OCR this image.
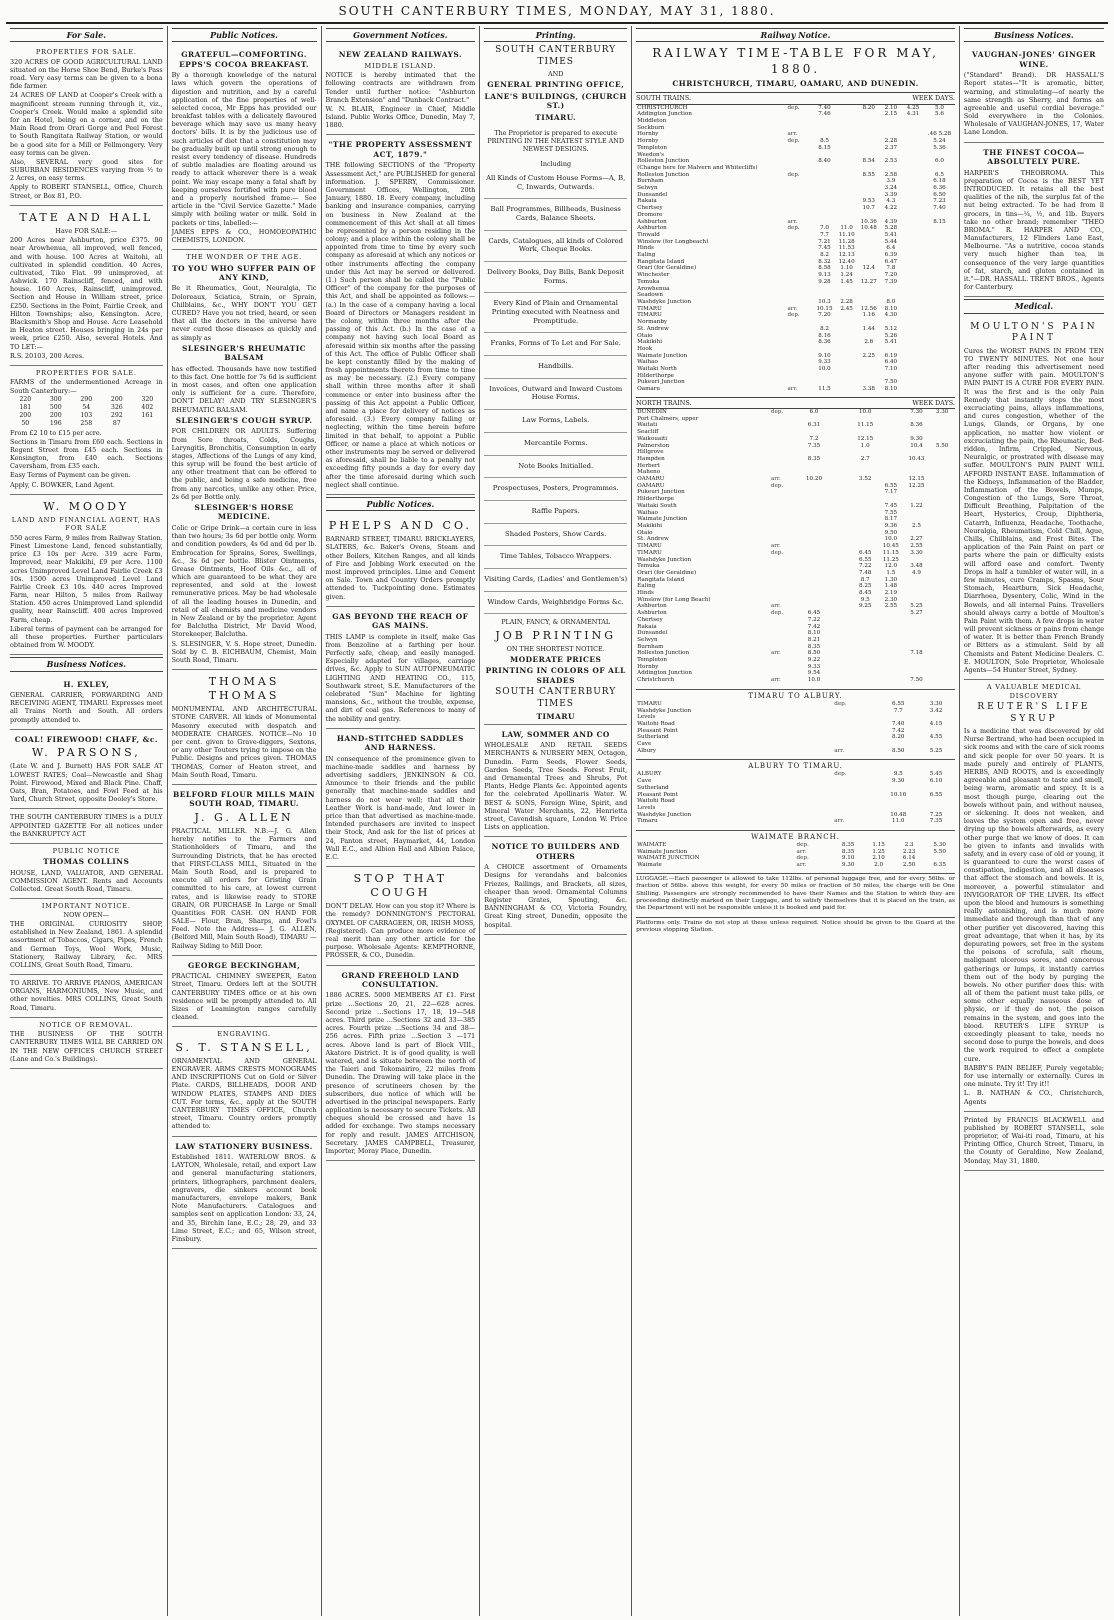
SOUTH CANTERBURY TIMES, MONDAY, MAY 31, 1880.
For Sale.
PROPERTIES FOR SALE.

320 ACRES OF GOOD AGRICULTURAL LAND situated on the Horse Shoe Bend, Burke's Pass road. Very easy terms can be given to a bona fide farmer.

24 ACRES OF LAND at Cooper's Creek with a magnificent stream running through it, viz., Cooper's Creek. Would make a splendid site for an Hotel, being on a corner, and on the Main Road from Orari Gorge and Peel Forest to South Rangitata Railway Station, or would be a good site for a Mill or Fellmongery. Very easy terms can be given.

Also, SEVERAL very good sites for SUBURBAN RESIDENCES varying from ½ to 2 Acres, on easy terms.

Apply to ROBERT STANSELL, Office, Church Street, or Box 81, P.O.

TATE AND HALL
Have FOR SALE:—

200 Acres near Ashburton, price £375. 90 near Arowhenua, all improved, well fenced, and with house. 100 Acres at Waitohi, all cultivated in splendid condition. 40 Acres, cultivated, Tiko Flat. 99 unimproved, at Ashwick. 170 Rainscliff, fenced, and with house. 160 Acres, Rainscliff, unimproved. Section and House in William street, price £250. Sections in the Point, Fairlie Creek, and Hilton Townships; also, Kensington. Acre, Blacksmith's Shop and House. Acre Leasehold in Heaton street. Houses bringing in 24s per week, price £250. Also, several Hotels. And TO LET:—

R.S. 20103, 200 Acres.

PROPERTIES FOR SALE.

FARMS of the undermentioned Acreage in South Canterbury:—

220	300	290	200	320
181	500	54	326	402
200	200	103	292	161
50	196	258	87	

From £2 10 to £15 per acre.

Sections in Timaru from £60 each. Sections in Regent Street from £45 each. Sections in Kensington, from £40 each. Sections Caversham, from £35 each.

Easy Terms of Payment can be given.

Apply, C. BOWKER, Land Agent.

W. MOODY
LAND AND FINANCIAL AGENT, HAS FOR SALE

550 acres Farm, 9 miles from Railway Station. Finest Limestone Land, fenced substantially, price £3 10s per Acre. 319 acre Farm, Improved, near Makikihi, £9 per Acre. 1100 acres Unimproved Level Land Fairlie Creek £3 10s. 1500 acres Unimproved Level Land Fairlie Creek £3 10s. 440 acres Improved Farm, near Hilton, 5 miles from Railway Station. 450 acres Unimproved Land splendid quality, near Rainscliff. 400 acres Improved Farm, cheap.

Liberal terms of payment can be arranged for all these properties. Further particulars obtained from W. MOODY.

Business Notices.
H. EXLEY,

GENERAL CARRIER, FORWARDING AND RECEIVING AGENT, TIMARU. Expresses meet all Trains North and South. All orders promptly attended to.

COAL! FIREWOOD! CHAFF, &c.
W. PARSONS,

(Late W. and J. Burnett) HAS FOR SALE AT LOWEST RATES; Coal—Newcastle and Shag Point. Firewood, Mixed and Black Pine. Chaff, Oats, Bran, Potatoes, and Fowl Feed at his Yard, Church Street, opposite Dooley's Store.

THE SOUTH CANTERBURY TIMES is a DULY APPOINTED GAZETTE For all notices under the BANKRUPTCY ACT

PUBLIC NOTICE
THOMAS COLLINS

HOUSE, LAND, VALUATOR, AND GENERAL COMMISSION AGENT. Rents and Accounts Collected. Great South Road, Timaru.

IMPORTANT NOTICE.
NOW OPEN—

THE ORIGINAL CURIOSITY SHOP, established in New Zealand, 1861. A splendid assortment of Tobaccos, Cigars, Pipes, French and German Toys, Wool Work, Music, Stationery, Railway Library, &c. MRS COLLINS, Great South Road, Timaru.

TO ARRIVE. TO ARRIVE PIANOS, AMERICAN ORGANS, HARMONIUMS, New Music, and other novelties. MRS COLLINS, Great South Road, Timaru.

NOTICE OF REMOVAL.

THE BUSINESS OF THE SOUTH CANTERBURY TIMES WILL BE CARRIED ON IN THE NEW OFFICES CHURCH STREET (Lane and Co.'s Buildings).

Public Notices.
GRATEFUL—COMFORTING. EPPS'S COCOA BREAKFAST.

By a thorough knowledge of the natural laws which govern the operations of digestion and nutrition, and by a careful application of the fine properties of well-selected cocoa, Mr Epps has provided our breakfast tables with a delicately flavoured beverage which may save us many heavy doctors' bills. It is by the judicious use of such articles of diet that a constitution may be gradually built up until strong enough to resist every tendency of disease. Hundreds of subtle maladies are floating around us ready to attack wherever there is a weak point. We may escape many a fatal shaft by keeping ourselves fortified with pure blood and a properly nourished frame.— See article in the "Civil Service Gazette." Made simply with boiling water or milk. Sold in packets or tins, labelled:—

JAMES EPPS & CO., HOMOEOPATHIC CHEMISTS, LONDON.

THE WONDER OF THE AGE.
TO YOU WHO SUFFER PAIN OF ANY KIND,

Be it Rheumatics, Gout, Neuralgia, Tic Doloreaux, Sciatica, Strain, or Sprain, Chilblains, &c., WHY DON'T YOU GET CURED? Have you not tried, heard, or seen that all the doctors in the universe have never cured those diseases as quickly and as simply as

SLESINGER'S RHEUMATIC BALSAM

has effected. Thousands have now testified to this fact. One bottle for 7s 6d is sufficient in most cases, and often one application only is sufficient for a cure. Therefore, DON'T DELAY! AND TRY SLESINGER'S RHEUMATIC BALSAM.

SLESINGER'S COUGH SYRUP.

FOR CHILDREN OR ADULTS. Suffering from Sore throats, Colds, Coughs, Laryngitis, Bronchitis, Consumption in early stages, Affections of the Lungs of any kind, this syrup will be found the best article of any other treatment that can be offered to the public, and being a safe medicine, free from any narcotics, unlike any other. Price, 2s 6d per Bottle only.

SLESINGER'S HORSE MEDICINE.

Colic or Gripe Drink—a certain cure in less than two hours; 3s 6d per bottle only. Worm and condition powders, 4s 6d and 6d per lb. Embrocation for Sprains, Sores, Swellings, &c., 3s 6d per bottle. Blister Ointments, Grease Ointments, Hoof Oils &c., all of which are guaranteed to be what they are represented, and sold at the lowest remunerative prices. May be had wholesale of all the leading houses in Dunedin, and retail of all chemists and medicine vendors in New Zealand or by the proprietor. Agent for Balclutha District, Mr David Wood, Storekeeper, Balclutha.

S. SLESINGER, V. S. Hope street, Dunedin. Sold by C. B. EICHBAUM, Chemist, Main South Road, Timaru.

THOMAS THOMAS

MONUMENTAL AND ARCHITECTURAL STONE CARVER. All kinds of Monumental Masonry executed with despatch and MODERATE CHARGES. NOTICE—No 10 per cent. given to Grave-diggers, Sextons, or any other Touters trying to impose on the Public. Designs and prices given. THOMAS THOMAS, Corner of Heaton street, and Main South Road, Timaru.

BELFORD FLOUR MILLS MAIN SOUTH ROAD, TIMARU.
J. G. ALLEN

PRACTICAL MILLER. N.B.—J. G. Allen hereby notifies to the Farmers and Stationholders of Timaru, and the Surrounding Districts, that he has erected that FIRST-CLASS MILL, Situated in the Main South Road, and is prepared to execute all orders for Gristing Grain committed to his care, at lowest current rates, and is likewise ready to STORE GRAIN, OR PURCHASE In Large or Small Quantities FOR CASH. ON HAND FOR SALE— Flour, Bran, Sharps, and Fowl's Feed. Note the Address— J. G. ALLEN, (Belford Mill, Main South Road), TIMARU — Railway Siding to Mill Door.

GEORGE BECKINGHAM,

PRACTICAL CHIMNEY SWEEPER, Eaton Street, Timaru. Orders left at the SOUTH CANTERBURY TIMES office or at his own residence will be promptly attended to. All Sizes of Leamington ranges carefully cleaned.

ENGRAVING.
S. T. STANSELL,

ORNAMENTAL AND GENERAL ENGRAVER. ARMS CRESTS MONOGRAMS AND INSCRIPTIONS Cut on Gold or Silver Plate. CARDS, BILLHEADS, DOOR AND WINDOW PLATES, STAMPS AND DIES CUT. For terms, &c., apply at the SOUTH CANTERBURY TIMES OFFICE, Church street, Timaru. Country orders promptly attended to.

LAW STATIONERY BUSINESS.

Established 1811. WATERLOW BROS. & LAYTON, Wholesale, retail, and export Law and general manufacturing stationers, printers, lithographers, parchment dealers, engravers, die sinkers account book manufacturers, envelope makers, Bank Note Manufacturers. Catalogues and samples sent on application London: 33, 24, and 35, Birchin lane, E.C.; 28, 29, and 33 Lime Street, E.C.; and 65, Wilson street, Finsbury.

Government Notices.
NEW ZEALAND RAILWAYS.
MIDDLE ISLAND.

NOTICE is hereby intimated that the following contracts are withdrawn from Tender until further notice: "Ashburton Branch Extension" and "Dunback Contract."

W. N. BLAIR, Engineer in Chief, Middle Island. Public Works Office, Dunedin, May 7, 1880.

"THE PROPERTY ASSESSMENT ACT, 1879."

THE following SECTIONS of the "Property Assessment Act," are PUBLISHED for general information. J. SPERRY, Commissioner. Government Offices, Wellington, 20th January, 1880. 18. Every company, including banking and insurance companies, carrying on business in New Zealand at the commencement of this Act shall at all times be represented by a person residing in the colony; and a place within the colony shall be appointed from time to time by every such company as aforesaid at which any notices or other instruments affecting the company under this Act may be served or delivered. (1.) Such person shall be called the "Public Officer" of the company for the purposes of this Act, and shall be appointed as follows:— (a.) In the case of a company having a local Board of Directors or Managers resident in the colony, within three months after the passing of this Act. (b.) In the case of a company not having such local Board as aforesaid within six months after the passing of this Act. The office of Public Officer shall be kept constantly filled by the making of fresh appointments thereto from time to time as may be necessary. (2.) Every company shall within three months after it shall commence or enter into business after the passing of this Act appoint a Public Officer, and name a place for delivery of notices as aforesaid. (3.) Every company failing or neglecting, within the time herein before limited in that behalf, to appoint a Public Officer, or name a place at which notices or other instruments may be served or delivered as aforesaid, shall be liable to a penalty not exceeding fifty pounds a day for every day after the time aforesaid during which such neglect shall continue.

Public Notices.
PHELPS AND CO.

BARNARD STREET, TIMARU. BRICKLAYERS, SLATERS, &c. Baker's Ovens, Steam and other Boilers, Kitchen Ranges, and all kinds of Fire and Jobbing Work executed on the most improved principles. Lime and Cement on Sale. Town and Country Orders promptly attended to. Tuckpointing done. Estimates given.

GAS BEYOND THE REACH OF GAS MAINS.

THIS LAMP is complete in itself, make Gas from Benzoline at a farthing per hour. Perfectly safe, cheap, and easily managed. Especially adapted for villages, carriage drives, &c. Apply to SUN AUTOPNEUMATIC LIGHTING AND HEATING CO., 115, Southwark street, S.E. Manufacturers of the celebrated "Sun" Machine for lighting mansions, &c., without the trouble, expense, and dirt of coal gas. References to many of the nobility and gentry.

HAND-STITCHED SADDLES AND HARNESS.

IN consequence of the prominence given to machine-made saddles and harness by advertising saddlers, JENKINSON & CO. Announce to their friends and the public generally that machine-made saddles and harness do not wear well; that all their Leather Work is hand-made, And lower in price than that advertised as machine-made. Intended purchasers are invited to inspect their Stock, And ask for the list of prices at 24, Panton street, Haymarket, 44, London Wall E.C., and Albion Hall and Albion Palace, E.C.

STOP THAT COUGH

DON'T DELAY. How can you stop it? Where is the remedy? DONNINGTON'S PECTORAL OXYMEL OF CARRAGEEN, OR, IRISH MOSS, (Registered). Can produce more evidence of real merit than any other article for the purpose. Wholesale Agents: KEMPTHORNE, PROSSER, & CO., Dunedin.

GRAND FREEHOLD LAND CONSULTATION.

1886 ACRES. 5000 MEMBERS AT £1. First prize ...Sections 20, 21, 22—628 acres. Second prize ...Sections 17, 18, 19—548 acres. Third prize ...Sections 32 and 33—385 acres. Fourth prize ...Sections 34 and 38—256 acres. Fifth prize ...Section 3 —171 acres. Above land is part of Block VIII., Akatore District. It is of good quality, is well watered, and is situate between the north of the Taieri and Tokomairiro, 22 miles from Dunedin. The Drawing will take place in the presence of scrutineers chosen by the subscribers, due notice of which will be advertised in the principal newspapers. Early application is necessary to secure Tickets. All cheques should be crossed and have 1s added for exchange. Two stamps necessary for reply and result. JAMES AITCHISON, Secretary. JAMES CAMPBELL, Treasurer, Importer, Moray Place, Dunedin.

Printing.
SOUTH CANTERBURY TIMES
AND
GENERAL PRINTING OFFICE,
LANE'S BUILDINGS, (CHURCH ST.)
TIMARU.

The Proprietor is prepared to execute PRINTING IN THE NEATEST STYLE AND NEWEST DESIGNS.

Including
All Kinds of Custom House Forms—A, B, C, Inwards, Outwards.
Ball Programmes, Billheads, Business Cards, Balance Sheets.
Cards, Catalogues, all kinds of Colored Work, Cheque Books.
Delivery Books, Day Bills, Bank Deposit Forms.
Every Kind of Plain and Ornamental Printing executed with Neatness and Promptitude.
Franks, Forms of To Let and For Sale.
Handbills.
Invoices, Outward and Inward Custom House Forms.
Law Forms, Labels.
Mercantile Forms.
Note Books Initialled.
Prospectuses, Posters, Programmes.
Raffle Papers.
Shaded Posters, Show Cards.
Time Tables, Tobacco Wrappers.
Visiting Cards, (Ladies' and Gentlemen's)
Window Cards, Weighbridge Forms &c.
PLAIN, FANCY, & ORNAMENTAL
JOB PRINTING
ON THE SHORTEST NOTICE.
MODERATE PRICES
PRINTING IN COLORS OF ALL SHADES
SOUTH CANTERBURY TIMES
TIMARU
LAW, SOMMER AND CO

WHOLESALE AND RETAIL SEEDS MERCHANTS & NURSERY MEN, Octagon, Dunedin. Farm Seeds, Flower Seeds, Garden Seeds, Tree Seeds. Forest Fruit, and Ornamental Trees and Shrubs, Pot Plants, Hedge Plants &c. Appointed agents for the celebrated Apollinaris Water. W. BEST & SONS, Foreign Wine, Spirit, and Mineral Water Merchants, 22, Henrietta street, Cavendish square, London W. Price Lists on application.

NOTICE TO BUILDERS AND OTHERS

A CHOICE assortment of Ornaments Designs for verandahs and balconies Friezes, Railings, and Brackets, all sizes, cheaper than wood. Ornamental Columns Register Grates, Spouting, &c. BANNINGHAM & CO, Victoria Foundry, Great King street, Dunedin, opposite the hospital.

Railway Notice.
RAILWAY TIME-TABLE FOR MAY, 1880.
CHRISTCHURCH, TIMARU, OAMARU, AND DUNEDIN.
SOUTH TRAINS.	WEEK DAYS.
CHRISTCHURCH	dep.	7.40		8.20	2.10	4.25	5.0
Addington Junction		7.46			2.15	4.31	5.6
Middleton							
Sockburn							
Hornby	arr.						.46 5.28
Hornby	dep.	8.5			2.28		5.24
Templeton		8.15			2.37		5.36
Weedon's							
Rolleston Junction		8.40		8.54	2.53		6.0
(Change here for Malvern and Whitecliffs)							
Rolleston Junction	dep.			8.55	2.58		6.5
Burnham					3.9		6.18
Selwyn					3.24		6.36
Dunsandel					3.39		6.50
Rakaia				9.53	4.3		7.23
Chertsey				10.7	4.22		7.40
Dromore							
Ashburton	arr.			10.36	4.39		8.15
Ashburton	dep.	7.0	11.0	10.48	5.28		
Tinwald		7.7	11.10		5.41		
Winslow (for Longbeach)		7.21	11.28		5.44		
Hinds		7.45	11.53		6.4		
Ealing		8.2	12.13		6.39		
Rangitata Island		8.32	12.40		6.47		
Orari (for Geraldine)		8.58	1.10	12.4	7.8		
Winchester		9.13	1.24		7.20		
Temuka		9.28	1.45	12.27	7.39		
Arowhenua							
Seadown							
Washdyke Junction		10.3	2.28		8.0		
TIMARU	arr.	10.15	2.45	12.56	8.10		
TIMARU	dep.	7.20		1.16	4.30		
Normanby							
St. Andrew		8.2		1.44	5.12		
Otaio		8.16			5.26		
Makikihi		8.36		2.6	5.41		
Hook							
Waimate Junction		9.10		2.25	6.19		
Waihao		9.33			6.40		
Waitaki North		10.0			7.10		
Hilderthorpe							
Pukeuri Junction					7.50		
Oamaru	arr.	11.5		3.38	8.10		
NORTH TRAINS.	WEEK DAYS.
DUNEDIN	dep.	6.0		10.0		7.30	3.30
Port Chalmers, upper							
Waitati		6.31		11.15		8.36	
Seacliff							
Waikouaiti		7.2		12.15		9.30	
Palmerston		7.35		1.0		10.4	5.50
Hillgrove							
Hampden		8.35		2.7		10.43	
Herbert							
Maheno							
OAMARU	arr.	10.20		3.52		12.15	
OAMARU	dep.				6.55	12.25	
Pukeuri Junction					7.17		
Hilderthorpe							
Waitaki South					7.45	1.22	
Waihao					7.55		
Waimate Junction					8.17		
Makikihi					9.36	2.5	
Otaio					9.50		
St. Andrew					10.0	2.27	
TIMARU	arr.				10.45	2.55	
TIMARU	dep.			6.45	11.15	3.30	
Washdyke Junction				6.55	11.25		
Temuka				7.22	12.0	3.48	
Orari (for Geraldine)				7.48	1.5	4.9	
Rangitata Island				8.7	1.30		
Ealing				8.25	1.48		
Hinds				8.45	2.19		
Winslow (for Long Beach)				9.5	2.30		
Ashburton	arr.			9.25	2.55	5.25	
Ashburton	dep.	6.45				5.27	
Chertsey		7.22					
Rakaia		7.42					
Dunsandel		8.10					
Selwyn		8.21					
Burnham		8.35					
Rolleston Junction	arr.	8.50				7.18	
Templeton		9.22					
Hornby		9.33					
Addington Junction		9.54					
Christchurch	arr.	10.0				7.50	
TIMARU TO ALBURY.
TIMARU	dep.	6.55	3.30
Washdyke Junction		7.7	3.42
Levels			
Waitohi Road		7.40	4.15
Pleasant Point		7.42	
Sutherland		8.20	4.55
Cave			
Albury	arr.	8.50	5.25
ALBURY TO TIMARU.
ALBURY	dep.	9.5	5.45
Cave		9.30	6.10
Sutherland			
Pleasant Point		10.16	6.55
Waitohi Road			
Levels			
Washdyke Junction		10.48	7.25
Timaru	arr.	11.0	7.35
WAIMATE BRANCH.
WAIMATE	dep.	8.35	1.15	2.3	5.30
Waimate Junction	arr.	8.35	1.25	2.23	5.50
WAIMATE JUNCTION	dep.	9.10	2.10	6.14	
Waimate	arr.	9.30	2.0	2.50	6.35
LUGGAGE.—Each passenger is allowed to take 112lbs. of personal luggage free, and for every 56lbs. or fraction of 56lbs. above this weight, for every 50 miles or fraction of 50 miles, the charge will be One Shilling. Passengers are strongly recommended to have their Names and the Station to which they are proceeding distinctly marked on their Luggage, and to satisfy themselves that it is placed on the train, as the Department will not be responsible unless it is booked and paid for.
Platforms only. Trains do not stop at these unless required. Notice should be given to the Guard at the previous stopping Station.
Business Notices.
VAUGHAN-JONES' GINGER WINE.

("Standard" Brand). DR HASSALL'S Report states—"It is aromatic, bitter, warming, and stimulating—of nearly the same strength as Sherry, and forms an agreeable and useful cordial beverage." Sold everywhere in the Colonies. Wholesale of VAUGHAN-JONES, 17, Water Lane London.

THE FINEST COCOA—ABSOLUTELY PURE.

HARPER'S THEOBROMA. This preparation of Cocoa is the BEST YET INTRODUCED. It retains all the best qualities of the nib, the surplus fat of the nut being extracted. To be had from ll grocers, in tins—¼, ½, and 1lb. Buyers take no other brand; remember "THEO BROMA." R. HARPER AND CO., Manufacturers, 12 Flinders Lane East, Melbourne. "As a nutritive, cocoa stands very much higher than tea, in consequence of the very large quantities of fat, starch, and gluten contained in it."—DR. HASSALL. TRENT BROS., Agents for Canterbury.

Medical.
MOULTON'S PAIN PAINT

Cures the WORST PAINS IN FROM TEN TO TWENTY MINUTES. Not one hour after reading this advertisement need anyone suffer with pain. MOULTON'S PAIN PAINT IS A CURE FOR EVERY PAIN. It was the first and is the only Pain Remedy that instantly stops the most excruciating pains, allays inflammations, and cures congestion, whether of the Lungs, Glands, or Organs, by one application, no matter how violent or excruciating the pain, the Rheumatic, Bed-ridden, Infirm, Crippled, Nervous, Neuralgic, or prostrated with disease may suffer. MOULTON'S PAIN PAINT WILL AFFORD INSTANT EASE. Inflammation of the Kidneys, Inflammation of the Bladder, Inflammation of the Bowels, Mumps, Congestion of the Lungs, Sore Throat, Difficult Breathing, Palpitation of the Heart, Hysterics, Croup, Diphtheria, Catarrh, Influenza, Headache, Toothache, Neuralgia, Rheumatism, Cold Chill, Ague, Chills, Chilblains, and Frost Bites. The application of the Pain Paint on part or parts where the pain or difficulty exists will afford ease and comfort. Twenty Drops in half a tumbler of water will, in a few minutes, cure Cramps, Spasms, Sour Stomach, Heartburn, Sick Headache, Diarrhoea, Dysentery, Colic, Wind in the Bowels, and all internal Pains. Travellers should always carry a bottle of Moulton's Pain Paint with them. A few drops in water will prevent sickness or pains from change of water. It is better than French Brandy or Bitters as a stimulant. Sold by all Chemists and Patent Medicine Dealers. C. E. MOULTON, Sole Proprietor, Wholesale Agents—54 Hunter Street, Sydney.

A VALUABLE MEDICAL DISCOVERY
REUTER'S LIFE SYRUP

Is a medicine that was discovered by old Nurse Bertrand, who had been occupied in sick rooms and with the care of sick rooms and sick people for over 50 years. It is made purely and entirely of PLANTS, HERBS, AND ROOTS, and is exceedingly agreeable and pleasant to taste and smell, being warm, aromatic and spicy. It is a most though purge, clearing out the bowels without pain, and without nausea, or sickening. It does not weaken, and leaves the system open and free, never drying up the bowels afterwards, as every other purge that we know of does. It can be given to infants and invalids with safety, and in every case of old or young, it is guaranteed to cure the worst cases of constipation, indigestion, and all diseases that affect the stomach and bowels. It is, moreover, a powerful stimulator and INVIGORATOR OF THE LIVER. Its effect upon the blood and humours is something really astonishing, and is much more immediate and thorough than that of any other purifier yet discovered, having this great advantage, that when it has, by its depurating powers, set free in the system the poisons of scrofula, salt rheum, malignant ulcerous sores, and cancerous gatherings or lumps, it instantly carries them out of the body by purging the bowels. No other purifier does this: with all of them the patient must take pills, or some other equally nauseous dose of physic, or if they do not, the poison remains in the system, and goes into the blood. REUTER'S LIFE SYRUP is exceedingly pleasant to take, needs no second dose to purge the bowels, and does the work required to effect a complete cure.

BABBY'S PAIN BELIEF, Purely vegetable; for use internally or externally. Cures in one minute. Try it! Try it!!

L. B. NATHAN & CO., Christchurch, Agents

Printed by FRANCIS BLACKWELL and published by ROBERT STANSELL, sole proprietor, of Wai-iti road, Timaru, at his Printing Office, Church Street, Timaru, in the County of Geraldine, New Zealand, Monday, May 31, 1880.
